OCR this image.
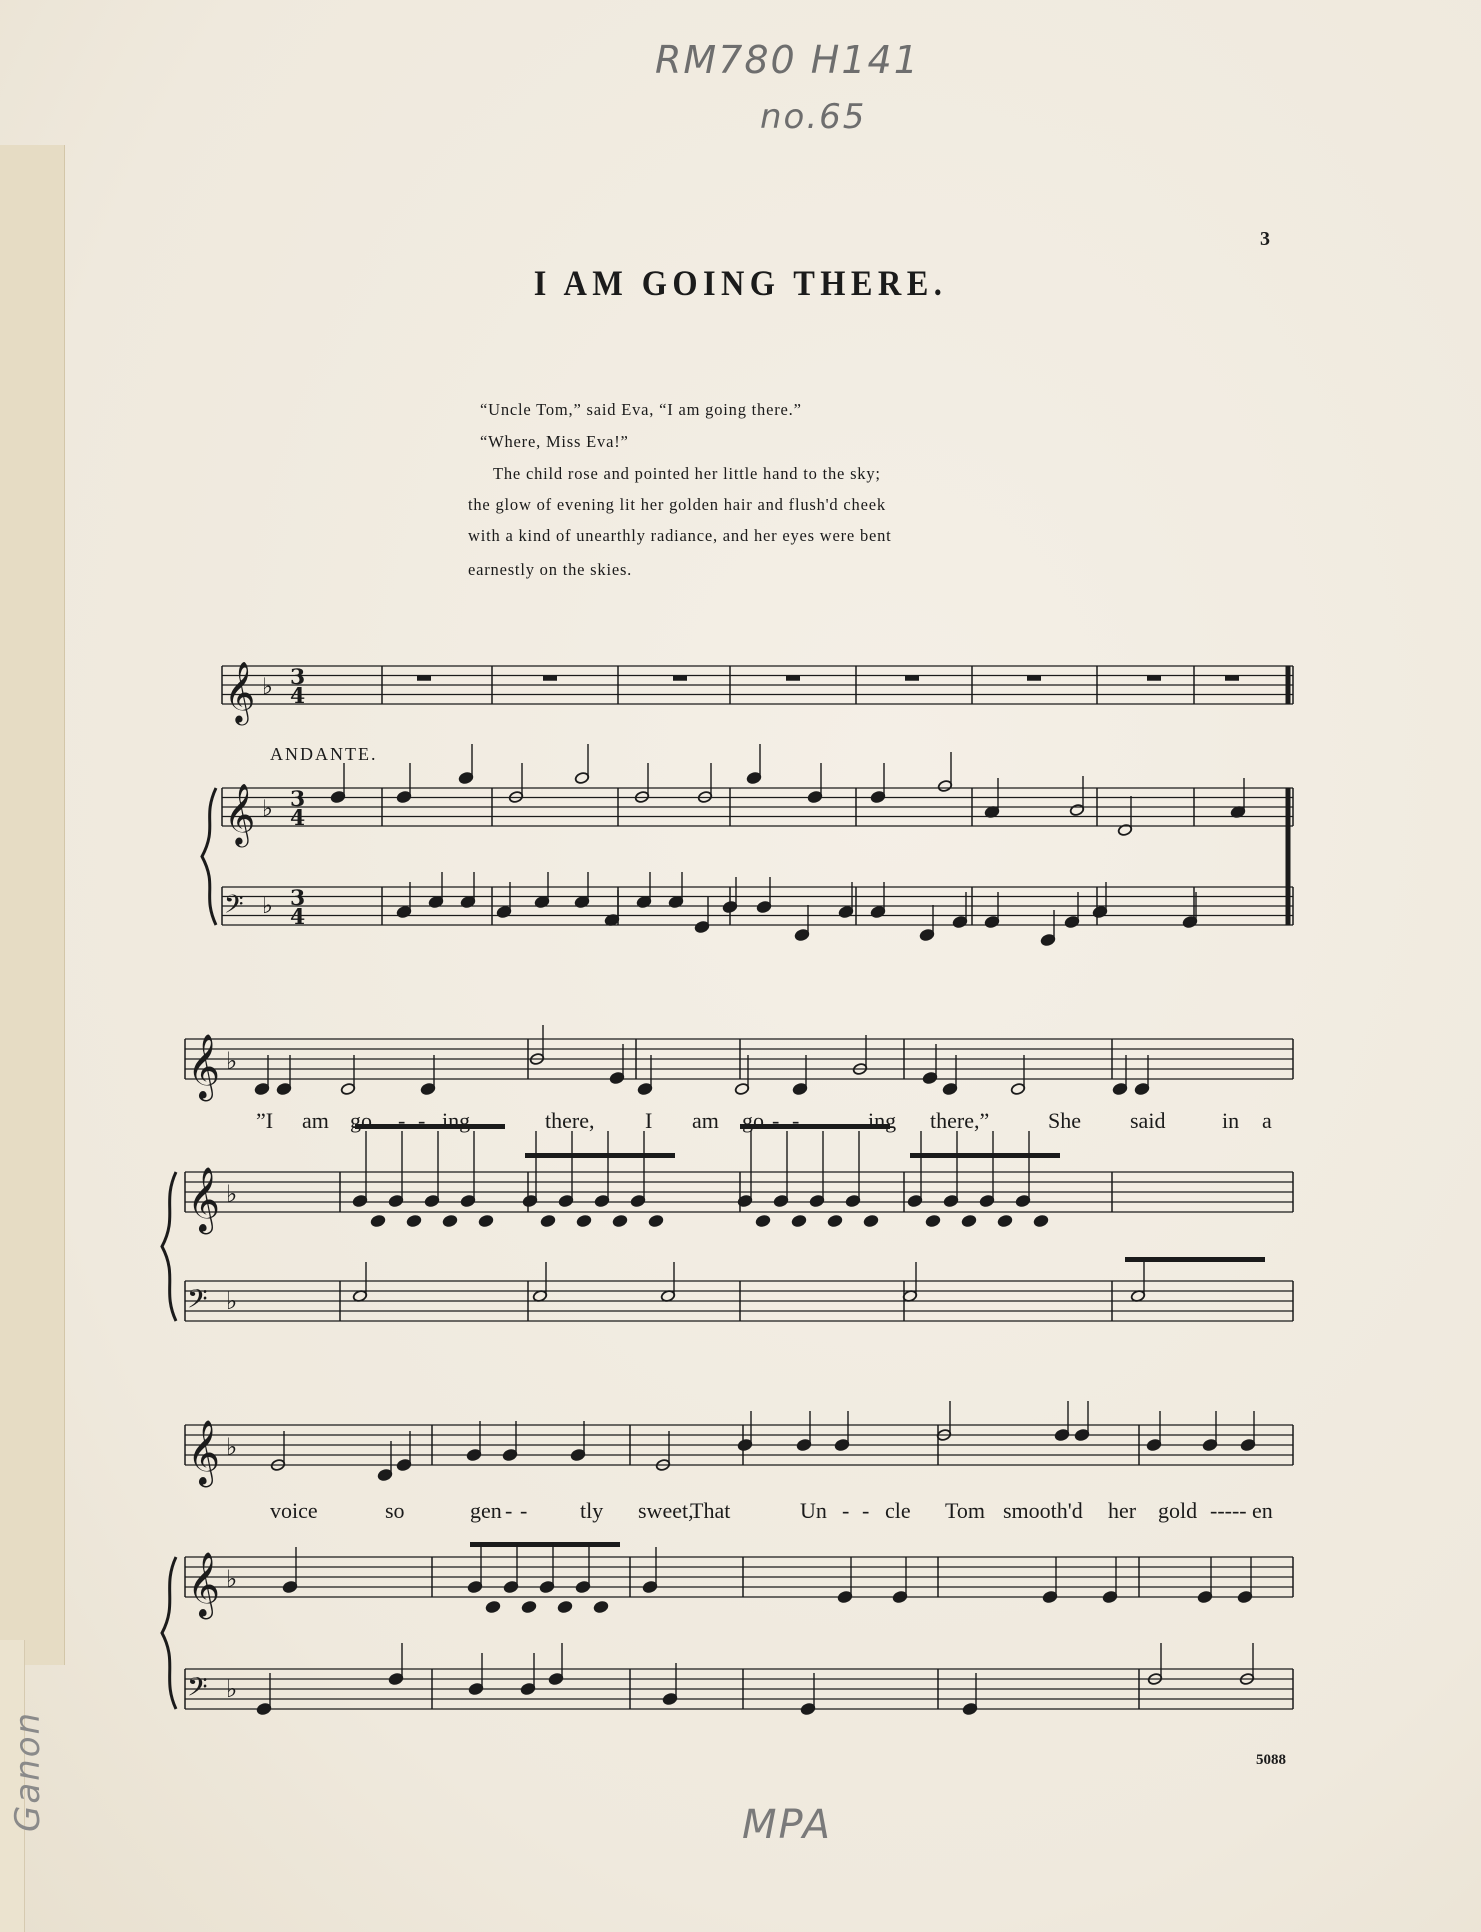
RM780 H141
no.65
3
I AM GOING THERE.
“Uncle Tom,” said Eva, “I am going there.”
“Where, Miss Eva!”
The child rose and pointed her little hand to the sky;
the glow of evening lit her golden hair and flush'd cheek
with a kind of unearthly radiance, and her eyes were bent
earnestly on the skies.
𝄞 ♭ 3
4
𝄞 ♭ 3
4
𝄢 ♭ 3
4
𝄞 ♭
𝄞 ♭
𝄢 ♭
𝄞 ♭
𝄞 ♭
𝄢 ♭
ANDANTE.
”I am go - - ing	there, I am go - -	ing there,”	She said	in a
voice	so	gen - - tly sweet,
That	Un - - cle Tom smooth'd her gold ----- en
5088
MPA
Ganon
